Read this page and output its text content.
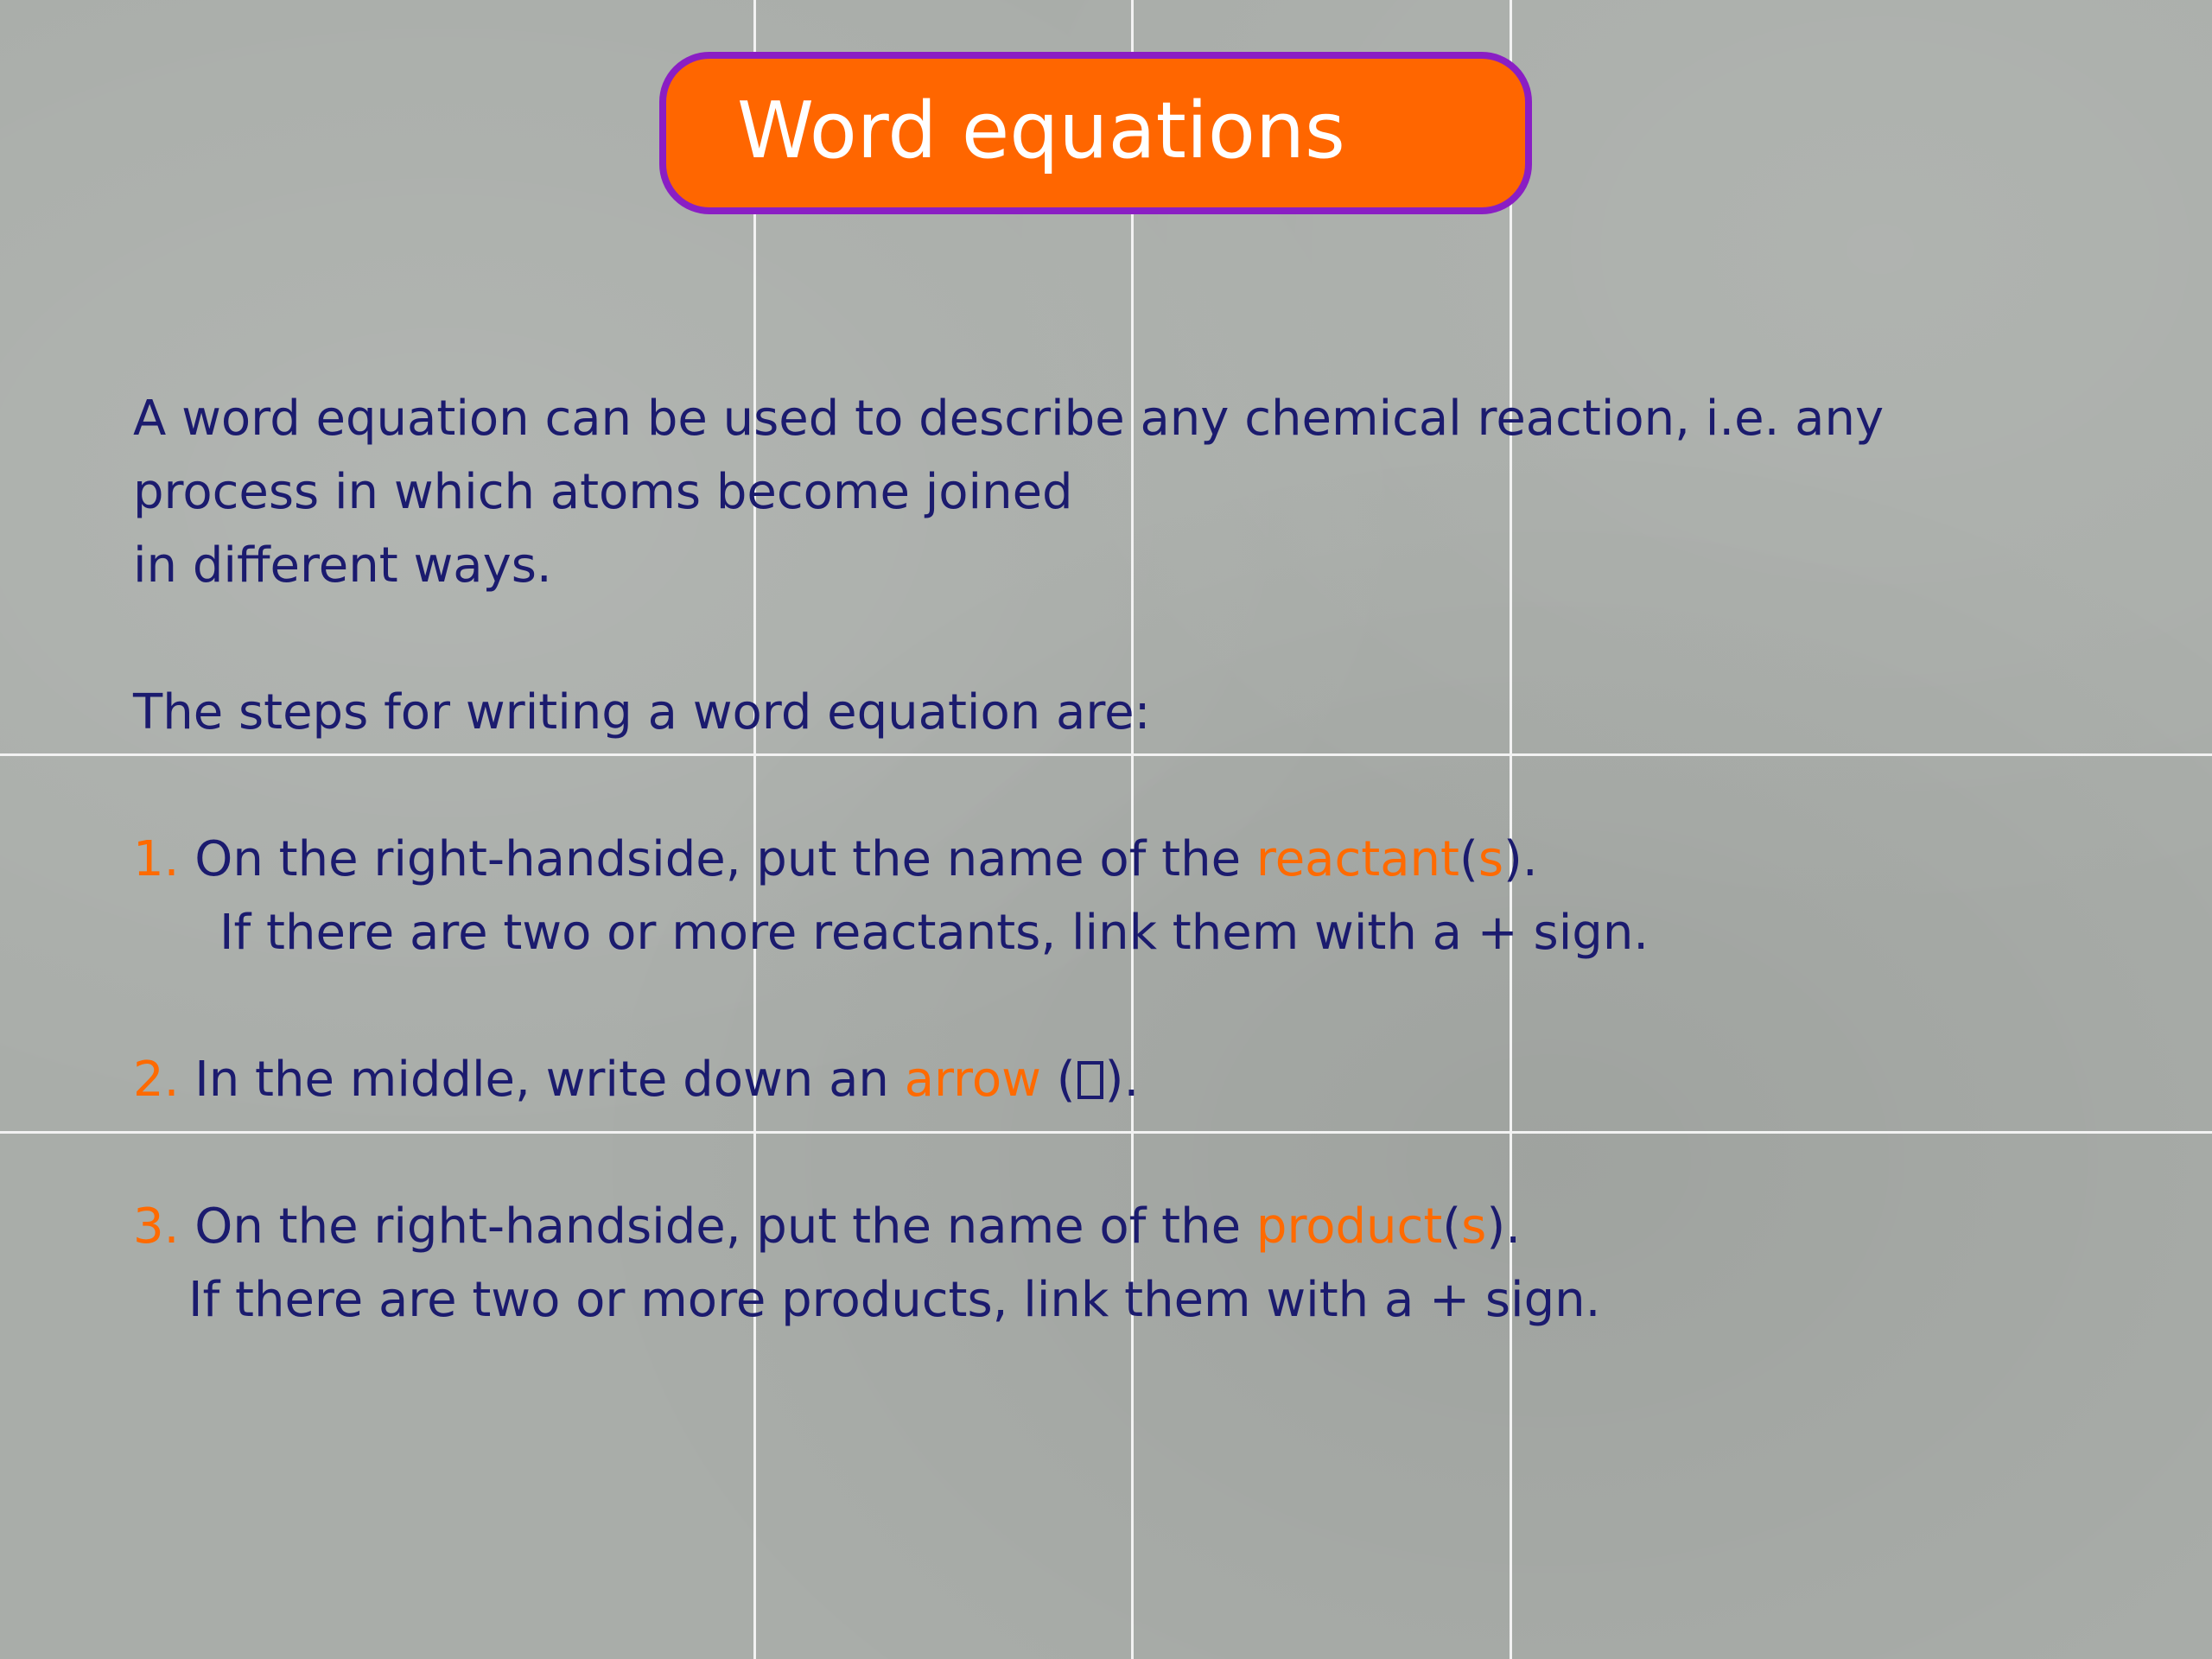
Word equations
A word equation can be used to describe any chemical reaction, i.e. any
process in which atoms become joined
in different ways.
The steps for writing a word equation are:
1. On the right-handside, put the name of the reactant(s).
If there are two or more reactants, link them with a + sign.
2. In the middle, write down an arrow ( ).
3. On the right-handside, put the name of the product(s).
If there are two or more products, link them with a + sign.
